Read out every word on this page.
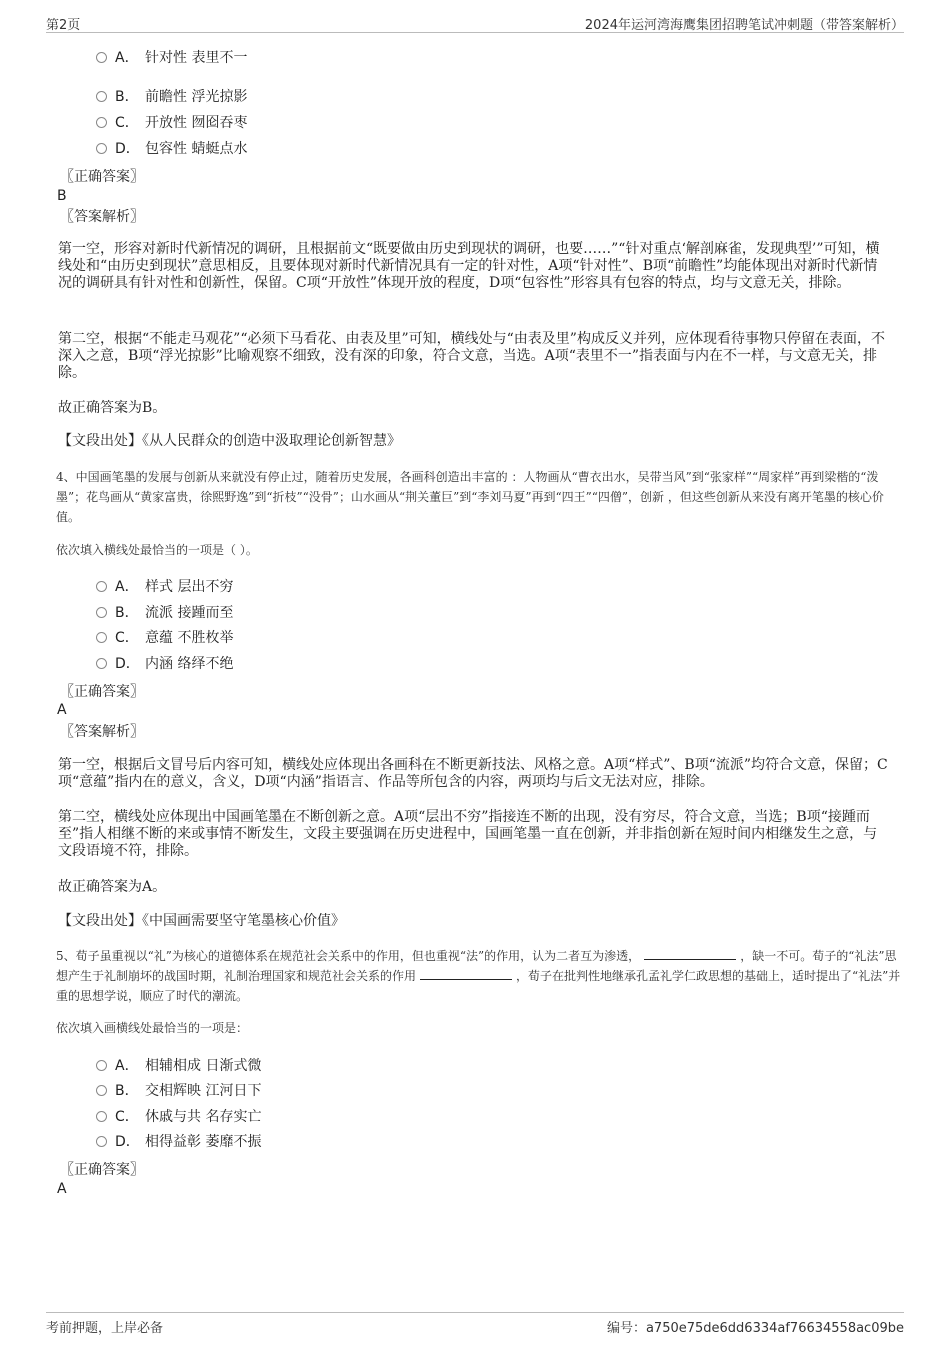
第2页	2024年运河湾海鹰集团招聘笔试冲刺题（带答案解析）
A． 针对性 表里不一
B． 前瞻性 浮光掠影
C． 开放性 囫囵吞枣
D． 包容性 蜻蜓点水
〖正确答案〗
B
〖答案解析〗
第一空，形容对新时代新情况的调研，且根据前文“既要做由历史到现状的调研，也要……”“针对重点‘解剖麻雀，发现典型’”可知，横线处和“由历史到现状”意思相反，且要体现对新时代新情况具有一定的针对性，A项“针对性”、B项“前瞻性”均能体现出对新时代新情况的调研具有针对性和创新性，保留。C项“开放性”体现开放的程度，D项“包容性”形容具有包容的特点，均与文意无关，排除。
第二空，根据“不能走马观花”“必须下马看花、由表及里”可知，横线处与“由表及里”构成反义并列，应体现看待事物只停留在表面，不深入之意，B项“浮光掠影”比喻观察不细致，没有深的印象，符合文意，当选。A项“表里不一”指表面与内在不一样，与文意无关，排除。
故正确答案为B。
【文段出处】《从人民群众的创造中汲取理论创新智慧》
4、中国画笔墨的发展与创新从来就没有停止过，随着历史发展，各画科创造出丰富的 ：人物画从“曹衣出水，吴带当风”到“张家样”“周家样”再到梁楷的“泼墨”；花鸟画从“黄家富贵，徐熙野逸”到“折枝”“没骨”；山水画从“荆关董巨”到“李刘马夏”再到“四王”“四僧”，创新 ，但这些创新从来没有离开笔墨的核心价值。
依次填入横线处最恰当的一项是（ ）。
A． 样式 层出不穷
B． 流派 接踵而至
C． 意蕴 不胜枚举
D． 内涵 络绎不绝
〖正确答案〗
A
〖答案解析〗
第一空，根据后文冒号后内容可知，横线处应体现出各画科在不断更新技法、风格之意。A项“样式”、B项“流派”均符合文意，保留；C项“意蕴”指内在的意义，含义，D项“内涵”指语言、作品等所包含的内容，两项均与后文无法对应，排除。
第二空，横线处应体现出中国画笔墨在不断创新之意。A项“层出不穷”指接连不断的出现，没有穷尽，符合文意，当选；B项“接踵而至”指人相继不断的来或事情不断发生，文段主要强调在历史进程中，国画笔墨一直在创新，并非指创新在短时间内相继发生之意，与文段语境不符，排除。
故正确答案为A。
【文段出处】《中国画需要坚守笔墨核心价值》
5、荀子虽重视以“礼”为核心的道德体系在规范社会关系中的作用，但也重视“法”的作用，认为二者互为渗透，	，缺一不可。荀子的“礼法”思想产生于礼制崩坏的战国时期，礼制治理国家和规范社会关系的作用	，荀子在批判性地继承孔孟礼学仁政思想的基础上，适时提出了“礼法”并重的思想学说，顺应了时代的潮流。
依次填入画横线处最恰当的一项是：
A． 相辅相成 日渐式微
B． 交相辉映 江河日下
C． 休戚与共 名存实亡
D． 相得益彰 萎靡不振
〖正确答案〗
A
考前押题，上岸必备	编号：a750e75de6dd6334af76634558ac09be
